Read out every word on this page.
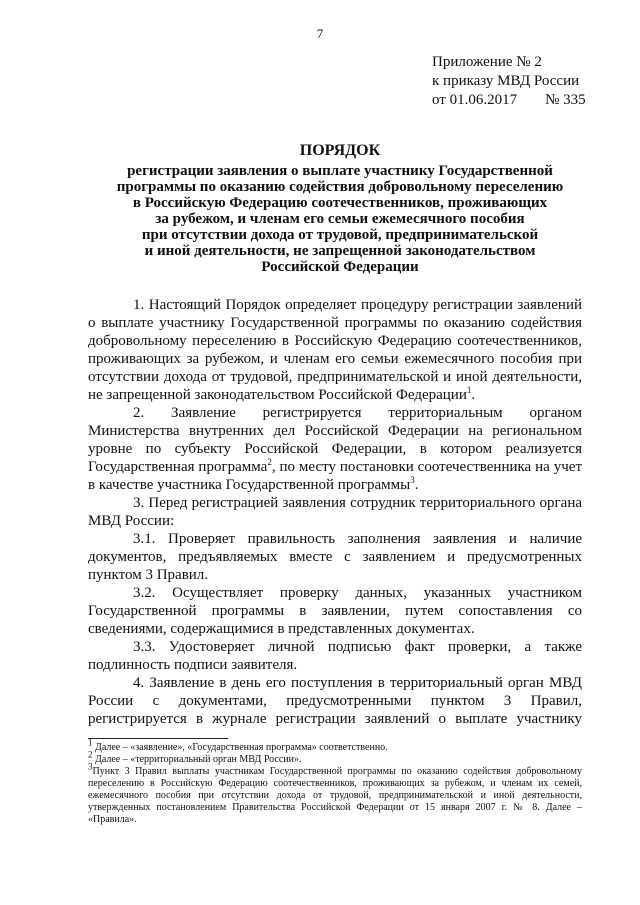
7
Приложение № 2
к приказу МВД России
от 01.06.2017 № 335
ПОРЯДОК
регистрации заявления о выплате участнику Государственной
программы по оказанию содействия добровольному переселению
в Российскую Федерацию соотечественников, проживающих
за рубежом, и членам его семьи ежемесячного пособия
при отсутствии дохода от трудовой, предпринимательской
и иной деятельности, не запрещенной законодательством
Российской Федерации

1. Настоящий Порядок определяет процедуру регистрации заявлений о выплате участнику Государственной программы по оказанию содействия добровольному переселению в Российскую Федерацию соотечественников, проживающих за рубежом, и членам его семьи ежемесячного пособия при отсутствии дохода от трудовой, предпринимательской и иной деятельности, не запрещенной законодательством Российской Федерации$^1$.

2. Заявление регистрируется территориальным органом Министерства внутренних дел Российской Федерации на региональном уровне по субъекту Российской Федерации, в котором реализуется Государственная программа$^2$, по месту постановки соотечественника на учет в качестве участника Государственной программы$^3$.

3. Перед регистрацией заявления сотрудник территориального органа МВД России:

3.1. Проверяет правильность заполнения заявления и наличие документов, предъявляемых вместе с заявлением и предусмотренных пунктом 3 Правил.

3.2. Осуществляет проверку данных, указанных участником Государственной программы в заявлении, путем сопоставления со сведениями, содержащимися в представленных документах.

3.3. Удостоверяет личной подписью факт проверки, а также подлинность подписи заявителя.

4. Заявление в день его поступления в территориальный орган МВД России с документами, предусмотренными пунктом 3 Правил, регистрируется в журнале регистрации заявлений о выплате участнику

$^1$ Далее – «заявление», «Государственная программа» соответственно.

$^2$ Далее – «территориальный орган МВД России».

$^3$Пункт 3 Правил выплаты участникам Государственной программы по оказанию содействия добровольному переселению в Российскую Федерацию соотечественников, проживающих за рубежом, и членам их семей, ежемесячного пособия при отсутствии дохода от трудовой, предпринимательской и иной деятельности, утвержденных постановлением Правительства Российской Федерации от 15 января 2007 г. № 8. Далее – «Правила».
